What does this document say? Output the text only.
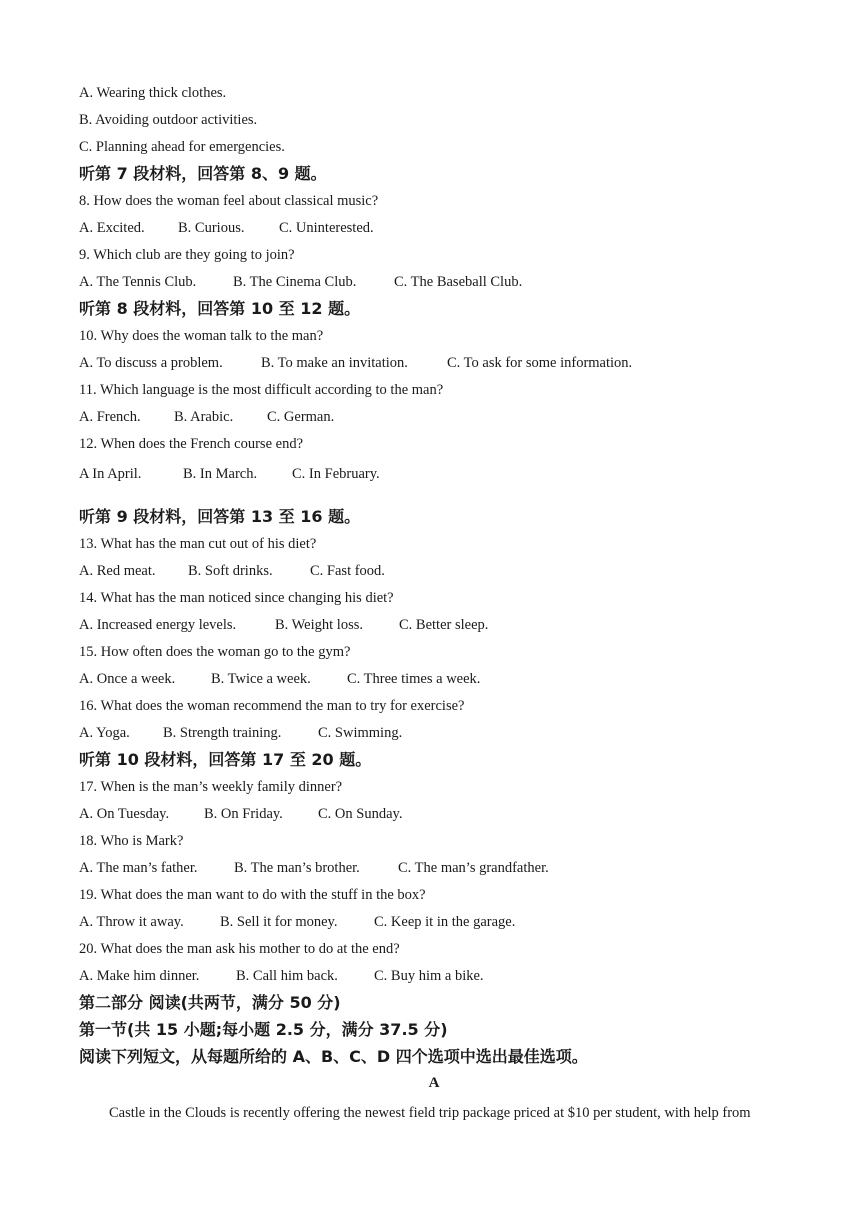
A. Wearing thick clothes.
B. Avoiding outdoor activities.
C. Planning ahead for emergencies.
听第 7 段材料，回答第 8、9 题。
8. How does the woman feel about classical music?
A. Excited. B. Curious. C. Uninterested.
9. Which club are they going to join?
A. The Tennis Club.	B. The Cinema Club.	C. The Baseball Club.
听第 8 段材料，回答第 10 至 12 题。
10. Why does the woman talk to the man?
A. To discuss a problem.	B. To make an invitation.	C. To ask for some information.
11. Which language is the most difficult according to the man?
A. French. B. Arabic. C. German.
12. When does the French course end?
A In April.	B. In March. C. In February.
听第 9 段材料，回答第 13 至 16 题。
13. What has the man cut out of his diet?
A. Red meat. B. Soft drinks.	C. Fast food.
14. What has the man noticed since changing his diet?
A. Increased energy levels.	B. Weight loss. C. Better sleep.
15. How often does the woman go to the gym?
A. Once a week. B. Twice a week. C. Three times a week.
16. What does the woman recommend the man to try for exercise?
A. Yoga. B. Strength training.	C. Swimming.
听第 10 段材料，回答第 17 至 20 题。
17. When is the man’s weekly family dinner?
A. On Tuesday. B. On Friday. C. On Sunday.
18. Who is Mark?
A. The man’s father.	B. The man’s brother.	C. The man’s grandfather.
19. What does the man want to do with the stuff in the box?
A. Throw it away.	B. Sell it for money.	C. Keep it in the garage.
20. What does the man ask his mother to do at the end?
A. Make him dinner.	B. Call him back. C. Buy him a bike.
第二部分 阅读(共两节，满分 50 分)
第一节(共 15 小题;每小题 2.5 分，满分 37.5 分)
阅读下列短文，从每题所给的 A、B、C、D 四个选项中选出最佳选项。
A
Castle in the Clouds is recently offering the newest field trip package priced at $10 per student, with help from
